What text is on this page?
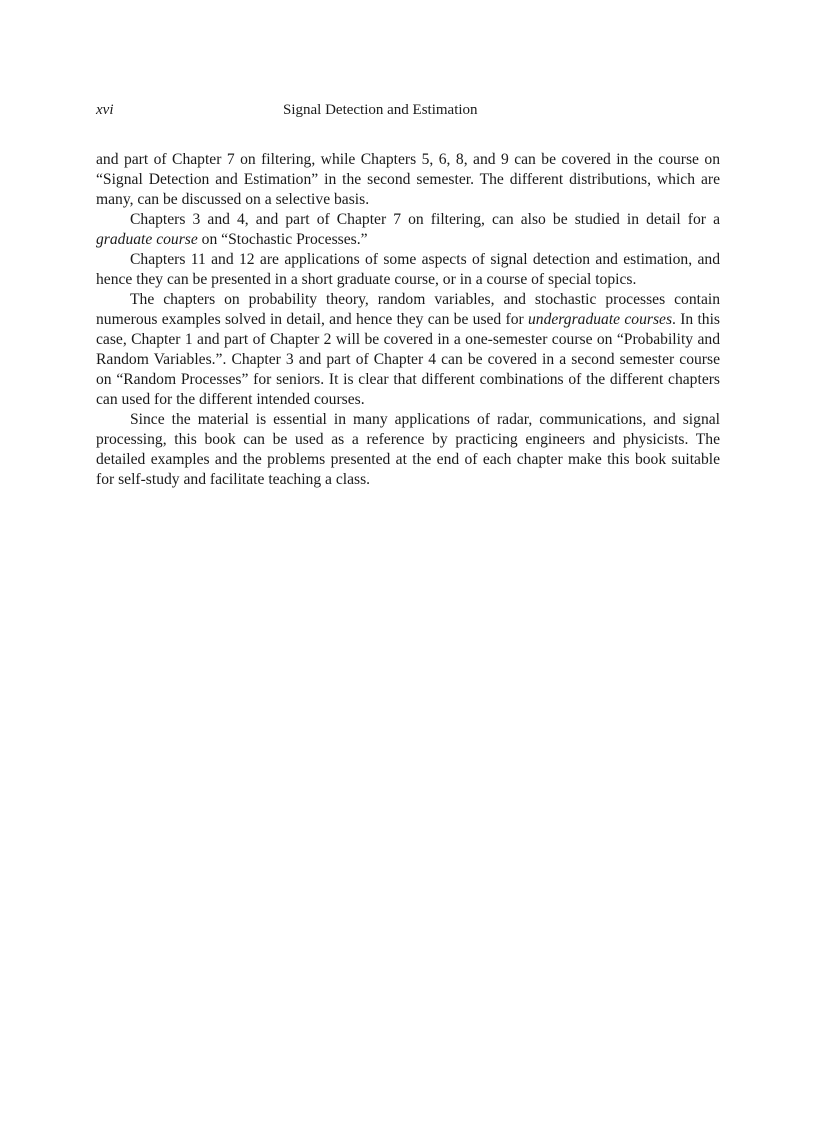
xvi	Signal Detection and Estimation

and part of Chapter 7 on filtering, while Chapters 5, 6, 8, and 9 can be covered in the course on “Signal Detection and Estimation” in the second semester. The different distributions, which are many, can be discussed on a selective basis.

Chapters 3 and 4, and part of Chapter 7 on filtering, can also be studied in detail for a graduate course on “Stochastic Processes.”

Chapters 11 and 12 are applications of some aspects of signal detection and estimation, and hence they can be presented in a short graduate course, or in a course of special topics.

The chapters on probability theory, random variables, and stochastic processes contain numerous examples solved in detail, and hence they can be used for undergraduate courses. In this case, Chapter 1 and part of Chapter 2 will be covered in a one-semester course on “Probability and Random Variables.”. Chapter 3 and part of Chapter 4 can be covered in a second semester course on “Random Processes” for seniors. It is clear that different combinations of the different chapters can used for the different intended courses.

Since the material is essential in many applications of radar, communications, and signal processing, this book can be used as a reference by practicing engineers and physicists. The detailed examples and the problems presented at the end of each chapter make this book suitable for self-study and facilitate teaching a class.
